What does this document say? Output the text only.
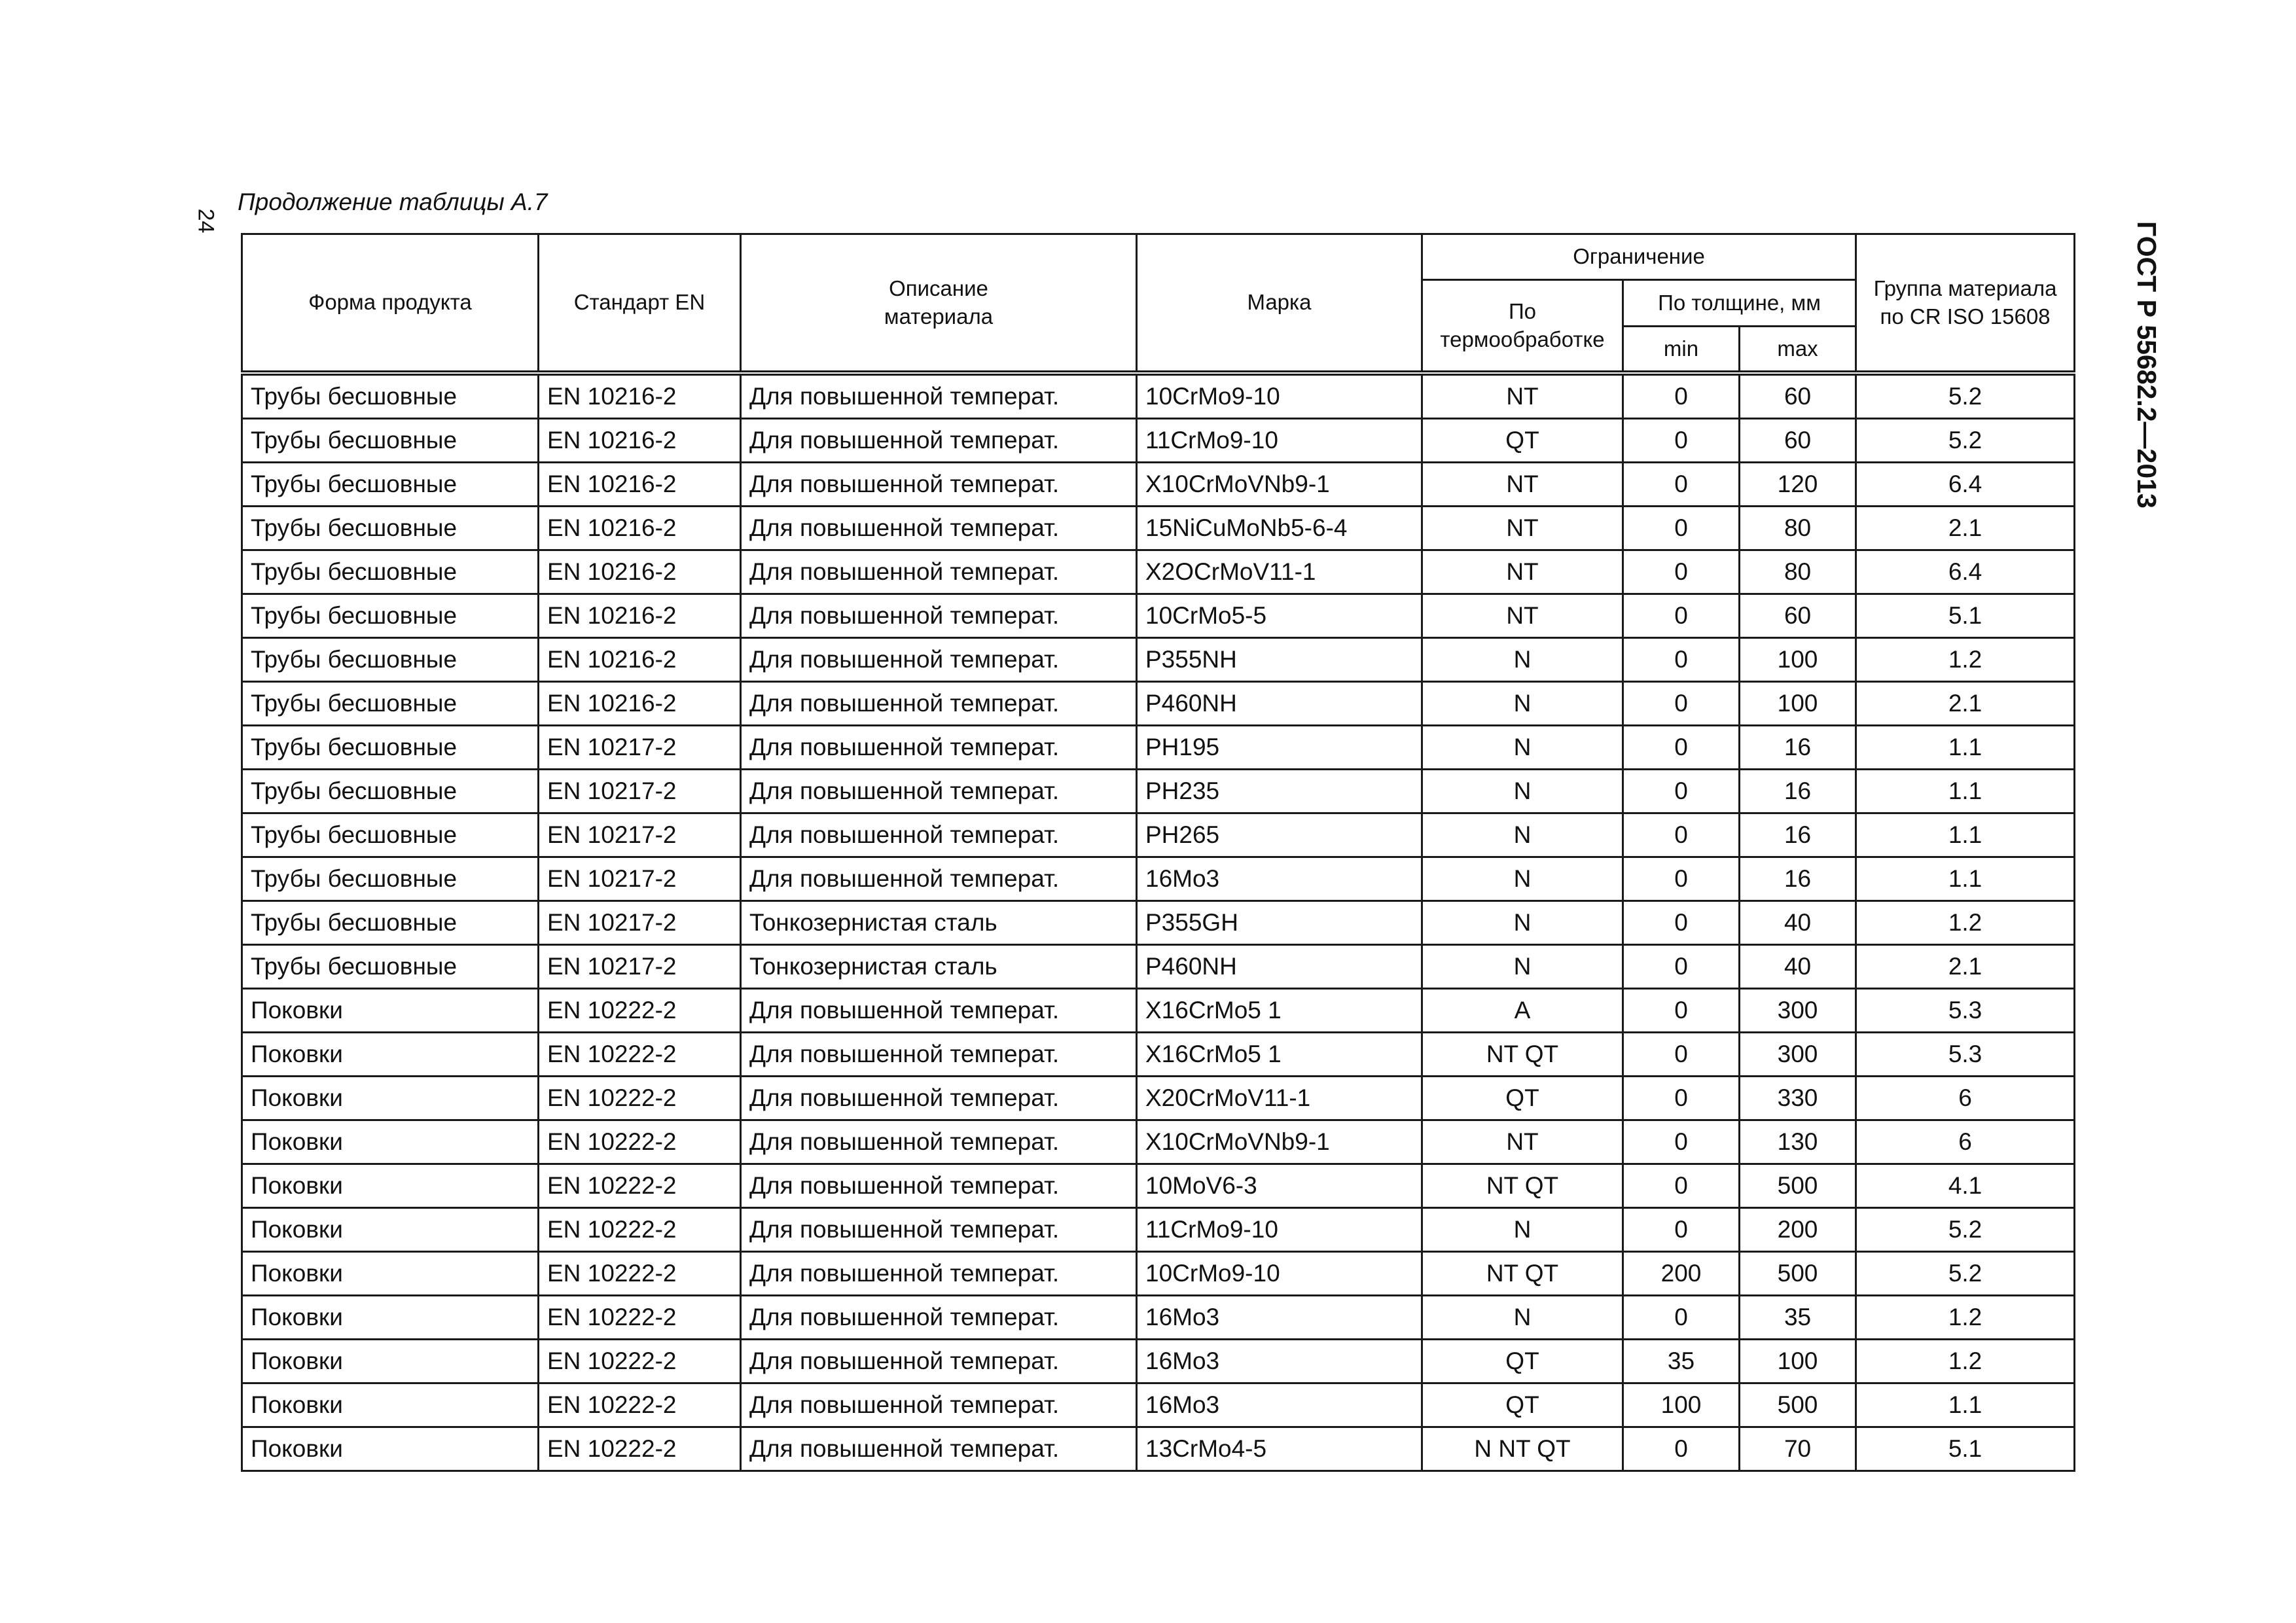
24
Продолжение таблицы А.7
ГОСТ Р 55682.2—2013
Форма продукта	Стандарт EN	Описание материала	Марка	Ограничение			Группа материала по CR ISO 15608
				По термообработке	По толщине, мм		
					min	max	
Трубы бесшовные	EN 10216-2	Для повышенной температ.	10CrMo9-10	NT	0	60	5.2
Трубы бесшовные	EN 10216-2	Для повышенной температ.	11CrMo9-10	QT	0	60	5.2
Трубы бесшовные	EN 10216-2	Для повышенной температ.	X10CrMoVNb9-1	NT	0	120	6.4
Трубы бесшовные	EN 10216-2	Для повышенной температ.	15NiCuMoNb5-6-4	NT	0	80	2.1
Трубы бесшовные	EN 10216-2	Для повышенной температ.	X2OCrMoV11-1	NT	0	80	6.4
Трубы бесшовные	EN 10216-2	Для повышенной температ.	10CrMo5-5	NT	0	60	5.1
Трубы бесшовные	EN 10216-2	Для повышенной температ.	P355NH	N	0	100	1.2
Трубы бесшовные	EN 10216-2	Для повышенной температ.	P460NH	N	0	100	2.1
Трубы бесшовные	EN 10217-2	Для повышенной температ.	PH195	N	0	16	1.1
Трубы бесшовные	EN 10217-2	Для повышенной температ.	PH235	N	0	16	1.1
Трубы бесшовные	EN 10217-2	Для повышенной температ.	PH265	N	0	16	1.1
Трубы бесшовные	EN 10217-2	Для повышенной температ.	16Mo3	N	0	16	1.1
Трубы бесшовные	EN 10217-2	Тонкозернистая сталь	P355GH	N	0	40	1.2
Трубы бесшовные	EN 10217-2	Тонкозернистая сталь	P460NH	N	0	40	2.1
Поковки	EN 10222-2	Для повышенной температ.	X16CrMo5 1	A	0	300	5.3
Поковки	EN 10222-2	Для повышенной температ.	X16CrMo5 1	NT QT	0	300	5.3
Поковки	EN 10222-2	Для повышенной температ.	X20CrMoV11-1	QT	0	330	6
Поковки	EN 10222-2	Для повышенной температ.	X10CrMoVNb9-1	NT	0	130	6
Поковки	EN 10222-2	Для повышенной температ.	10MoV6-3	NT QT	0	500	4.1
Поковки	EN 10222-2	Для повышенной температ.	11CrMo9-10	N	0	200	5.2
Поковки	EN 10222-2	Для повышенной температ.	10CrMo9-10	NT QT	200	500	5.2
Поковки	EN 10222-2	Для повышенной температ.	16Mo3	N	0	35	1.2
Поковки	EN 10222-2	Для повышенной температ.	16Mo3	QT	35	100	1.2
Поковки	EN 10222-2	Для повышенной температ.	16Mo3	QT	100	500	1.1
Поковки	EN 10222-2	Для повышенной температ.	13CrMo4-5	N NT QT	0	70	5.1
